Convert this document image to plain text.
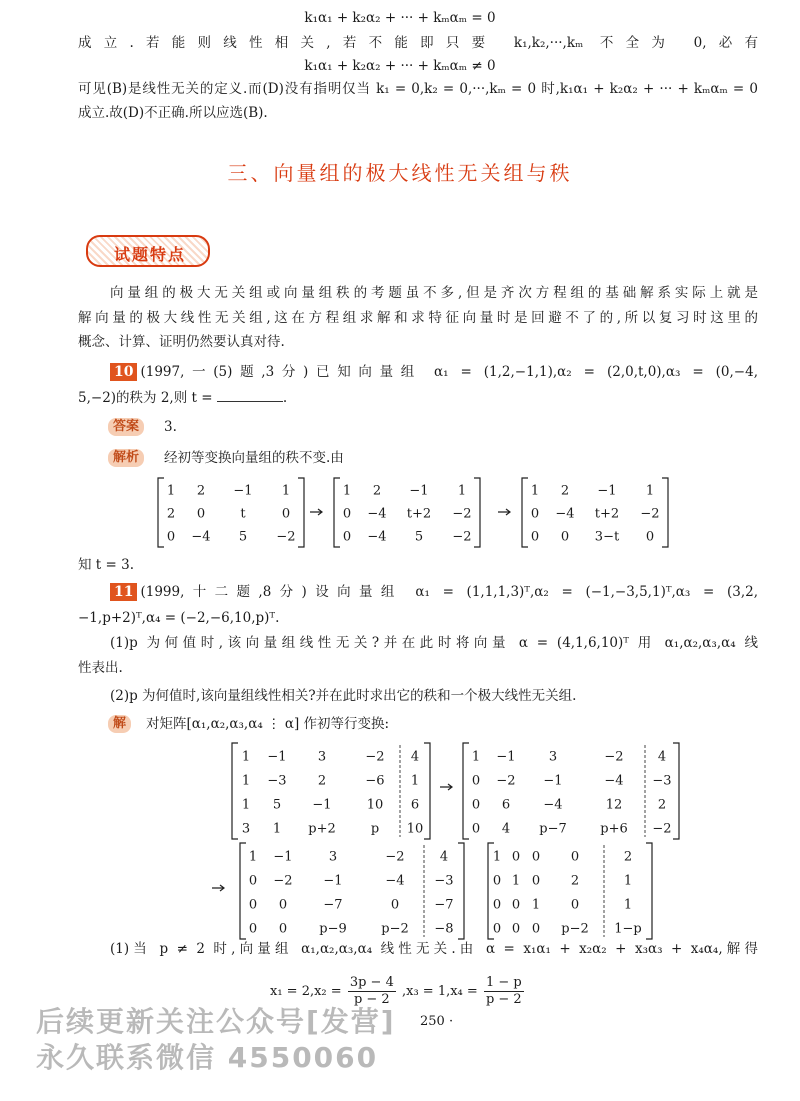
k₁α₁ + k₂α₂ + ··· + kₘαₘ = 0
成立.若能则线性相关,若不能即只要 k₁,k₂,···,kₘ 不全为 0,必有
k₁α₁ + k₂α₂ + ··· + kₘαₘ ≠ 0
可见(B)是线性无关的定义.而(D)没有指明仅当 k₁ = 0,k₂ = 0,···,kₘ = 0 时,k₁α₁ + k₂α₂ + ··· + kₘαₘ = 0
成立.故(D)不正确.所以应选(B).
三、向量组的极大线性无关组与秩
试题特点
向量组的极大无关组或向量组秩的考题虽不多,但是齐次方程组的基础解系实际上就是
解向量的极大线性无关组,这在方程组求解和求特征向量时是回避不了的,所以复习时这里的
概念、计算、证明仍然要认真对待.
10 (1997,一(5)题,3分)已知向量组 α₁ = (1,2,−1,1),α₂ = (2,0,t,0),α₃ = (0,−4,
5,−2)的秩为 2,则 t =	.
答案	3.
解析	经初等变换向量组的秩不变.由
知 t = 3.
11 (1999,十二题,8分)设向量组 α₁ = (1,1,1,3)ᵀ,α₂ = (−1,−3,5,1)ᵀ,α₃ = (3,2,
−1,p+2)ᵀ,α₄ = (−2,−6,10,p)ᵀ.
(1)p 为何值时,该向量组线性无关?并在此时将向量 α = (4,1,6,10)ᵀ 用 α₁,α₂,α₃,α₄ 线
性表出.
(2)p 为何值时,该向量组线性相关?并在此时求出它的秩和一个极大线性无关组.
解	对矩阵[α₁,α₂,α₃,α₄ ⋮ α] 作初等行变换:
(1)当 p ≠ 2 时,向量组 α₁,α₂,α₃,α₄ 线性无关.由 α = x₁α₁ + x₂α₂ + x₃α₃ + x₄α₄,解得
$x_1 = 2,x_2 = \frac{3p - 4}{p - 2} ,x_3 = 1,x_4 = \frac{1 - p}{p - 2}$
1 2 −1 1
2 0	t	0
0 −4 5 −2
1 2 −1 1
0 −4 t+2 −2
0 −4 5 −2
1 2 −1 1
0 −4 t+2 −2
0 0 3−t 0
1 −1 3	−2 4
1 −3 2	−6 1
1 5 −1	10 6
3 1 p+2	p 10
1 −1	3	−2	4
0 −2 −1	−4 −3
0 6	−4	12	2
0 4 p−7	p+6 −2
1 −1	3	−2	4
0 −2 −1	−4 −3
0 0	−7	0	−7
0 0 p−9	p−2 −8
1 0 0 0	2
0 1 0 2	1
0 0 1 0	1
0 0 0 p−2 1−p
250 ·
后续更新关注公众号[发营]
永久联系微信 4550060
